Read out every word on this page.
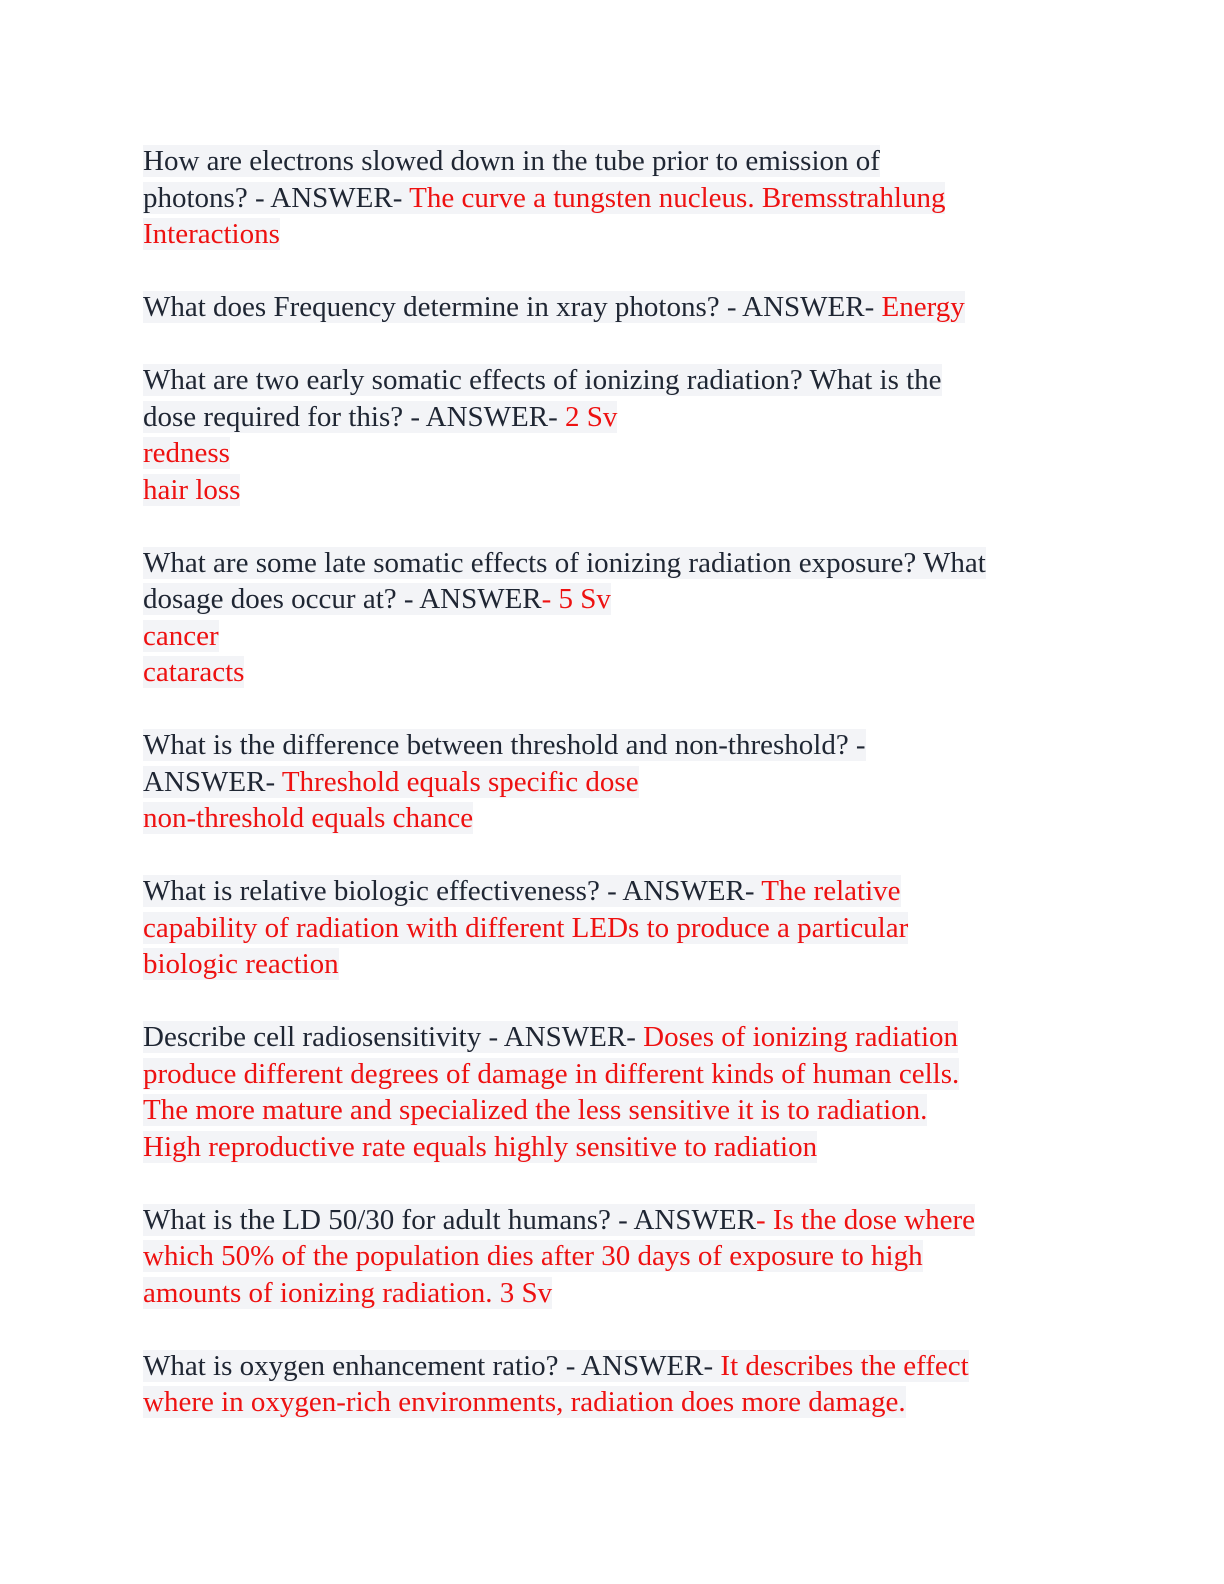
How are electrons slowed down in the tube prior to emission of
photons? - ANSWER- The curve a tungsten nucleus. Bremsstrahlung
Interactions
What does Frequency determine in xray photons? - ANSWER- Energy
What are two early somatic effects of ionizing radiation? What is the
dose required for this? - ANSWER- 2 Sv
redness
hair loss
What are some late somatic effects of ionizing radiation exposure? What
dosage does occur at? - ANSWER- 5 Sv
cancer
cataracts
What is the difference between threshold and non-threshold? -
ANSWER- Threshold equals specific dose
non-threshold equals chance
What is relative biologic effectiveness? - ANSWER- The relative
capability of radiation with different LEDs to produce a particular
biologic reaction
Describe cell radiosensitivity - ANSWER- Doses of ionizing radiation
produce different degrees of damage in different kinds of human cells.
The more mature and specialized the less sensitive it is to radiation.
High reproductive rate equals highly sensitive to radiation
What is the LD 50/30 for adult humans? - ANSWER- Is the dose where
which 50% of the population dies after 30 days of exposure to high
amounts of ionizing radiation. 3 Sv
What is oxygen enhancement ratio? - ANSWER- It describes the effect
where in oxygen-rich environments, radiation does more damage.
